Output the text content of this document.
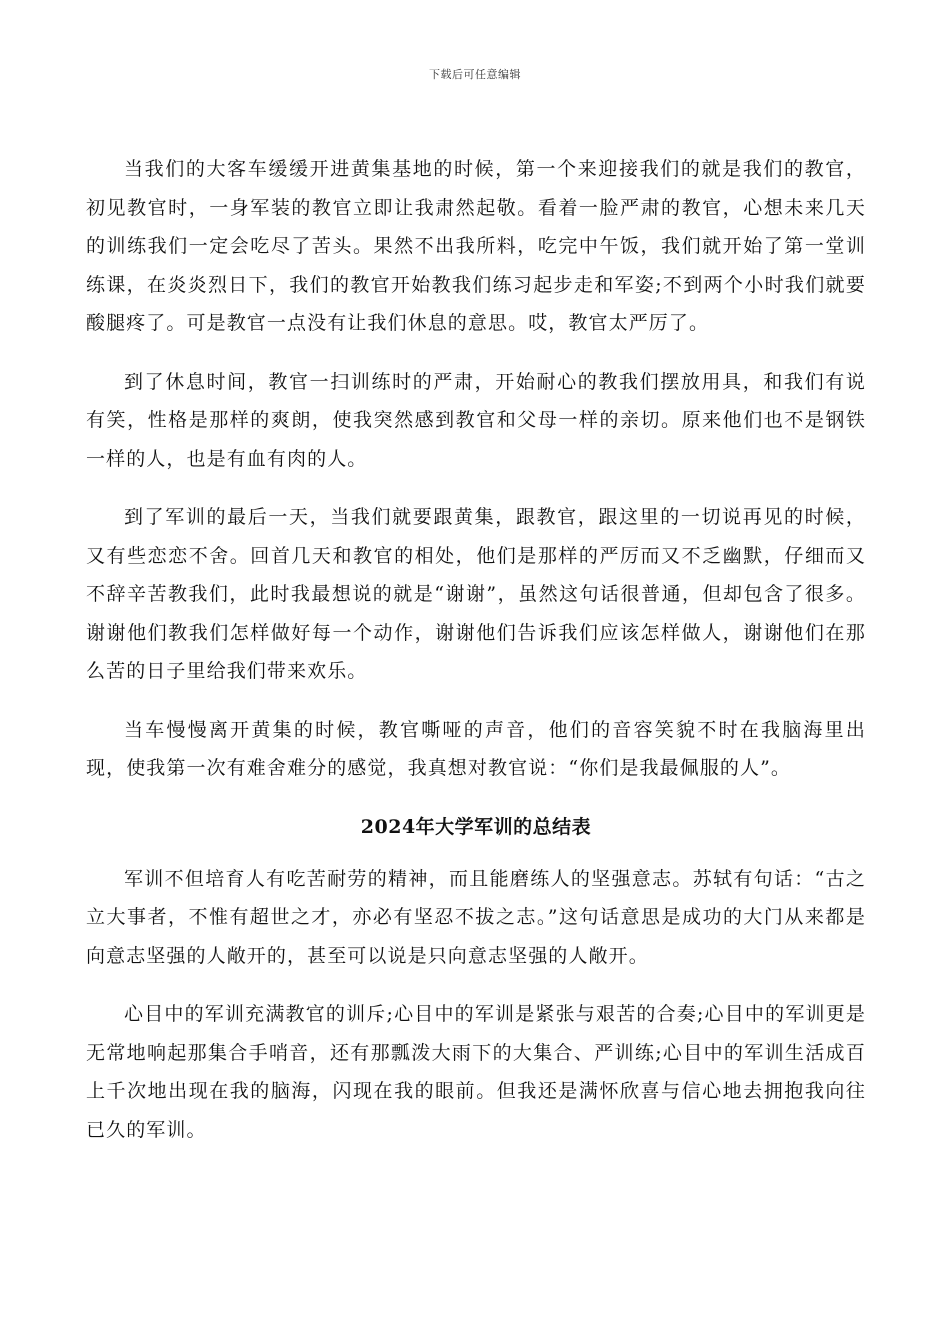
下载后可任意编辑

当我们的大客车缓缓开进黄集基地的时候，第一个来迎接我们的就是我们的教官，初见教官时，一身军装的教官立即让我肃然起敬。看着一脸严肃的教官，心想未来几天的训练我们一定会吃尽了苦头。果然不出我所料，吃完中午饭，我们就开始了第一堂训练课，在炎炎烈日下，我们的教官开始教我们练习起步走和军姿;不到两个小时我们就要酸腿疼了。可是教官一点没有让我们休息的意思。哎，教官太严厉了。

到了休息时间，教官一扫训练时的严肃，开始耐心的教我们摆放用具，和我们有说有笑，性格是那样的爽朗，使我突然感到教官和父母一样的亲切。原来他们也不是钢铁一样的人，也是有血有肉的人。

到了军训的最后一天，当我们就要跟黄集，跟教官，跟这里的一切说再见的时候，又有些恋恋不舍。回首几天和教官的相处，他们是那样的严厉而又不乏幽默，仔细而又不辞辛苦教我们，此时我最想说的就是“谢谢”，虽然这句话很普通，但却包含了很多。谢谢他们教我们怎样做好每一个动作，谢谢他们告诉我们应该怎样做人，谢谢他们在那么苦的日子里给我们带来欢乐。

当车慢慢离开黄集的时候，教官嘶哑的声音，他们的音容笑貌不时在我脑海里出现，使我第一次有难舍难分的感觉，我真想对教官说：“你们是我最佩服的人”。

2024年大学军训的总结表

军训不但培育人有吃苦耐劳的精神，而且能磨练人的坚强意志。苏轼有句话：“古之立大事者，不惟有超世之才，亦必有坚忍不拔之志。”这句话意思是成功的大门从来都是向意志坚强的人敞开的，甚至可以说是只向意志坚强的人敞开。

心目中的军训充满教官的训斥;心目中的军训是紧张与艰苦的合奏;心目中的军训更是无常地响起那集合手哨音，还有那瓢泼大雨下的大集合、严训练;心目中的军训生活成百上千次地出现在我的脑海，闪现在我的眼前。但我还是满怀欣喜与信心地去拥抱我向往已久的军训。
